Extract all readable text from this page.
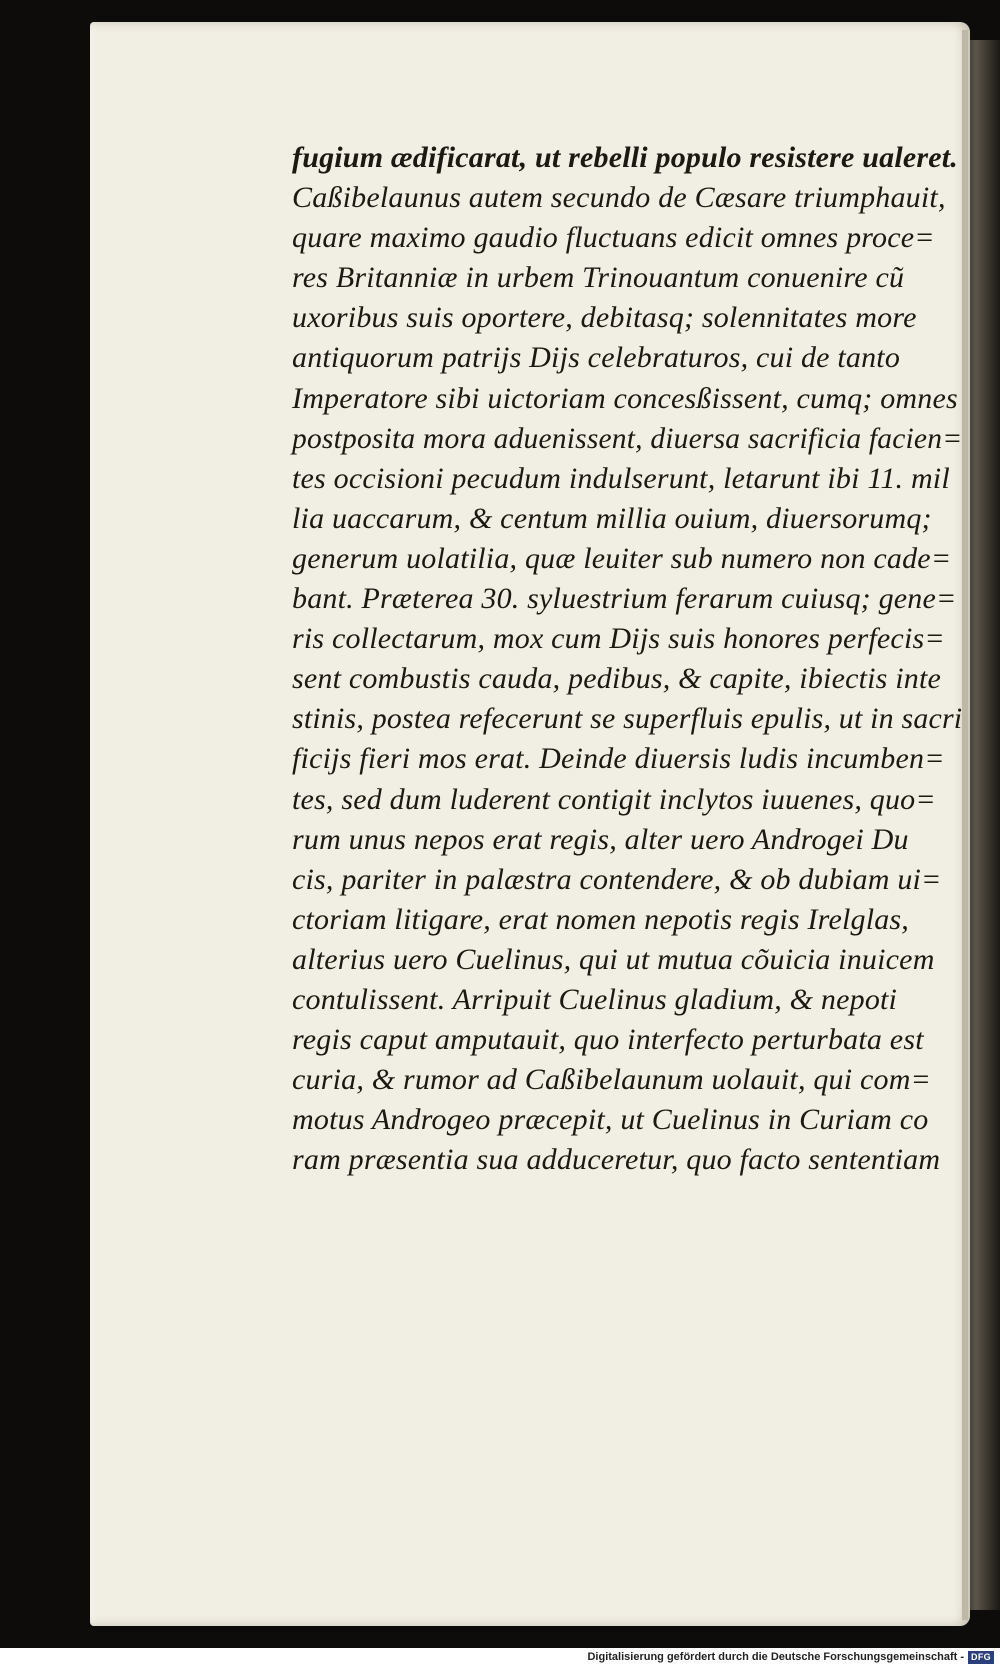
fugium ædificarat, ut rebelli populo resistere ualeret.
Caßibelaunus autem secundo de Cæsare triumphauit,
quare maximo gaudio fluctuans edicit omnes proce=
res Britanniæ in urbem Trinouantum conuenire cũ
uxoribus suis oportere, debitasq; solennitates more
antiquorum patrijs Dijs celebraturos, cui de tanto
Imperatore sibi uictoriam concesßissent, cumq; omnes
postposita mora aduenissent, diuersa sacrificia facien=
tes occisioni pecudum indulserunt, letarunt ibi 11. mil
lia uaccarum, & centum millia ouium, diuersorumq;
generum uolatilia, quæ leuiter sub numero non cade=
bant. Præterea 30. syluestrium ferarum cuiusq; gene=
ris collectarum, mox cum Dijs suis honores perfecis=
sent combustis cauda, pedibus, & capite, ibiectis inte
stinis, postea refecerunt se superfluis epulis, ut in sacri
ficijs fieri mos erat. Deinde diuersis ludis incumben=
tes, sed dum luderent contigit inclytos iuuenes, quo=
rum unus nepos erat regis, alter uero Androgei Du
cis, pariter in palæstra contendere, & ob dubiam ui=
ctoriam litigare, erat nomen nepotis regis Irelglas,
alterius uero Cuelinus, qui ut mutua cõuicia inuicem
contulissent. Arripuit Cuelinus gladium, & nepoti
regis caput amputauit, quo interfecto perturbata est
curia, & rumor ad Caßibelaunum uolauit, qui com=
motus Androgeo præcepit, ut Cuelinus in Curiam co
ram præsentia sua adduceretur, quo facto sententiam
Digitalisierung gefördert durch die Deutsche Forschungsgemeinschaft - DFG
